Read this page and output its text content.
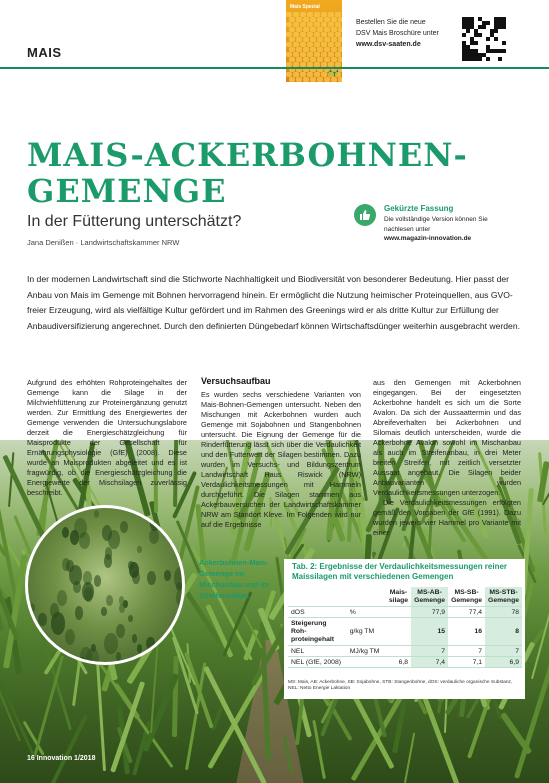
MAIS
Mais Spezial
Bestellen Sie die neue
DSV Mais Broschüre unter
www.dsv-saaten.de
MAIS-ACKERBOHNEN-
GEMENGE
In der Fütterung unterschätzt?
Jana Denißen · Landwirtschaftskammer NRW
Gekürzte Fassung
Die vollständige Version können Sie nachlesen unter
www.magazin-innovation.de
In der modernen Landwirtschaft sind die Stichworte Nachhaltigkeit und Biodiversität von besonderer Bedeutung. Hier passt der Anbau von Mais im Gemenge mit Bohnen hervorragend hinein. Er ermöglicht die Nutzung heimischer Proteinquellen, aus GVO-freier Erzeugung, wird als vielfältige Kultur gefördert und im Rahmen des Greenings wird er als dritte Kultur zur Erfüllung der Anbaudiversifizierung angerechnet. Durch den definierten Düngebedarf können Wirtschaftsdünger weiterhin ausgebracht werden.
Aufgrund des erhöhten Rohproteingehaltes der Gemenge kann die Silage in der Milchviehfütterung zur Proteinergänzung genutzt werden. Zur Ermittlung des Energiewertes der Gemenge verwenden die Untersuchungslabore derzeit die Energieschätzgleichung für Maisprodukte der Gesellschaft für Ernährungsphysiologie (GfE) (2008). Diese wurde an Maisprodukten abgeleitet und es ist fragwürdig, ob die Energieschätzgleichung die Energiewerte der Mischsilagen zuverlässig beschreibt.
Versuchsaufbau
Es wurden sechs verschiedene Varianten von Mais-Bohnen-Gemengen untersucht. Neben den Mischungen mit Ackerbohnen wurden auch Gemenge mit Sojabohnen und Stangenbohnen untersucht. Die Eignung der Gemenge für die Rinderfütterung lässt sich über die Verdaulichkeit und den Futterwert der Silagen bestimmen. Dazu wurden im Versuchs- und Bildungszentrum Landwirtschaft Haus Riswick (NRW) Verdaulichkeitsmessungen mit Hammeln durchgeführt. Die Silagen stammen aus Ackerbauversuchen der Landwirtschaftskammer NRW am Standort Kleve. Im Folgenden wird nur auf die Ergebnisse
aus den Gemengen mit Ackerbohnen eingegangen. Bei der eingesetzten Ackerbohne handelt es sich um die Sorte Avalon. Da sich der Aussaattermin und das Abreifeverhalten bei Ackerbohnen und Silomais deutlich unterscheiden, wurde die Ackerbohne Avalon sowohl im Mischanbau als auch im Streifenanbau, in drei Meter breiten Streifen, mit zeitlich versetzter Aussaat angebaut. Die Silagen beider Anbauvarianten wurden Verdaulichkeitsmessungen unterzogen.
Die Verdaulichkeitsmessungen erfolgten gemäß den Vorgaben der GfE (1991). Dazu wurden jeweils vier Hammel pro Variante mit einer
Ackerbohnen-Mais-Gemenge im Mischanbau und im Streifenanbau
Tab. 2: Ergebnisse der Verdaulichkeitsmessungen reiner Maissilagen mit verschiedenen Gemengen
		Mais-silage	MS-AB-Gemenge	MS-SB-Gemenge	MS-STB-Gemenge
dOS	%		77,9	77,4	78
Steigerung Roh-proteingehalt	g/kg TM		15	16	8
NEL	MJ/kg TM		7	7	7
NEL (GfE, 2008)		6,8	7,4	7,1	6,9
MS: Mais, AB: Ackerbohne, SB: Sojabohne, STB: Stangenbohne, dOS: verdauliche organische Substanz, NEL: Netto Energie Laktation
16 Innovation 1/2018
